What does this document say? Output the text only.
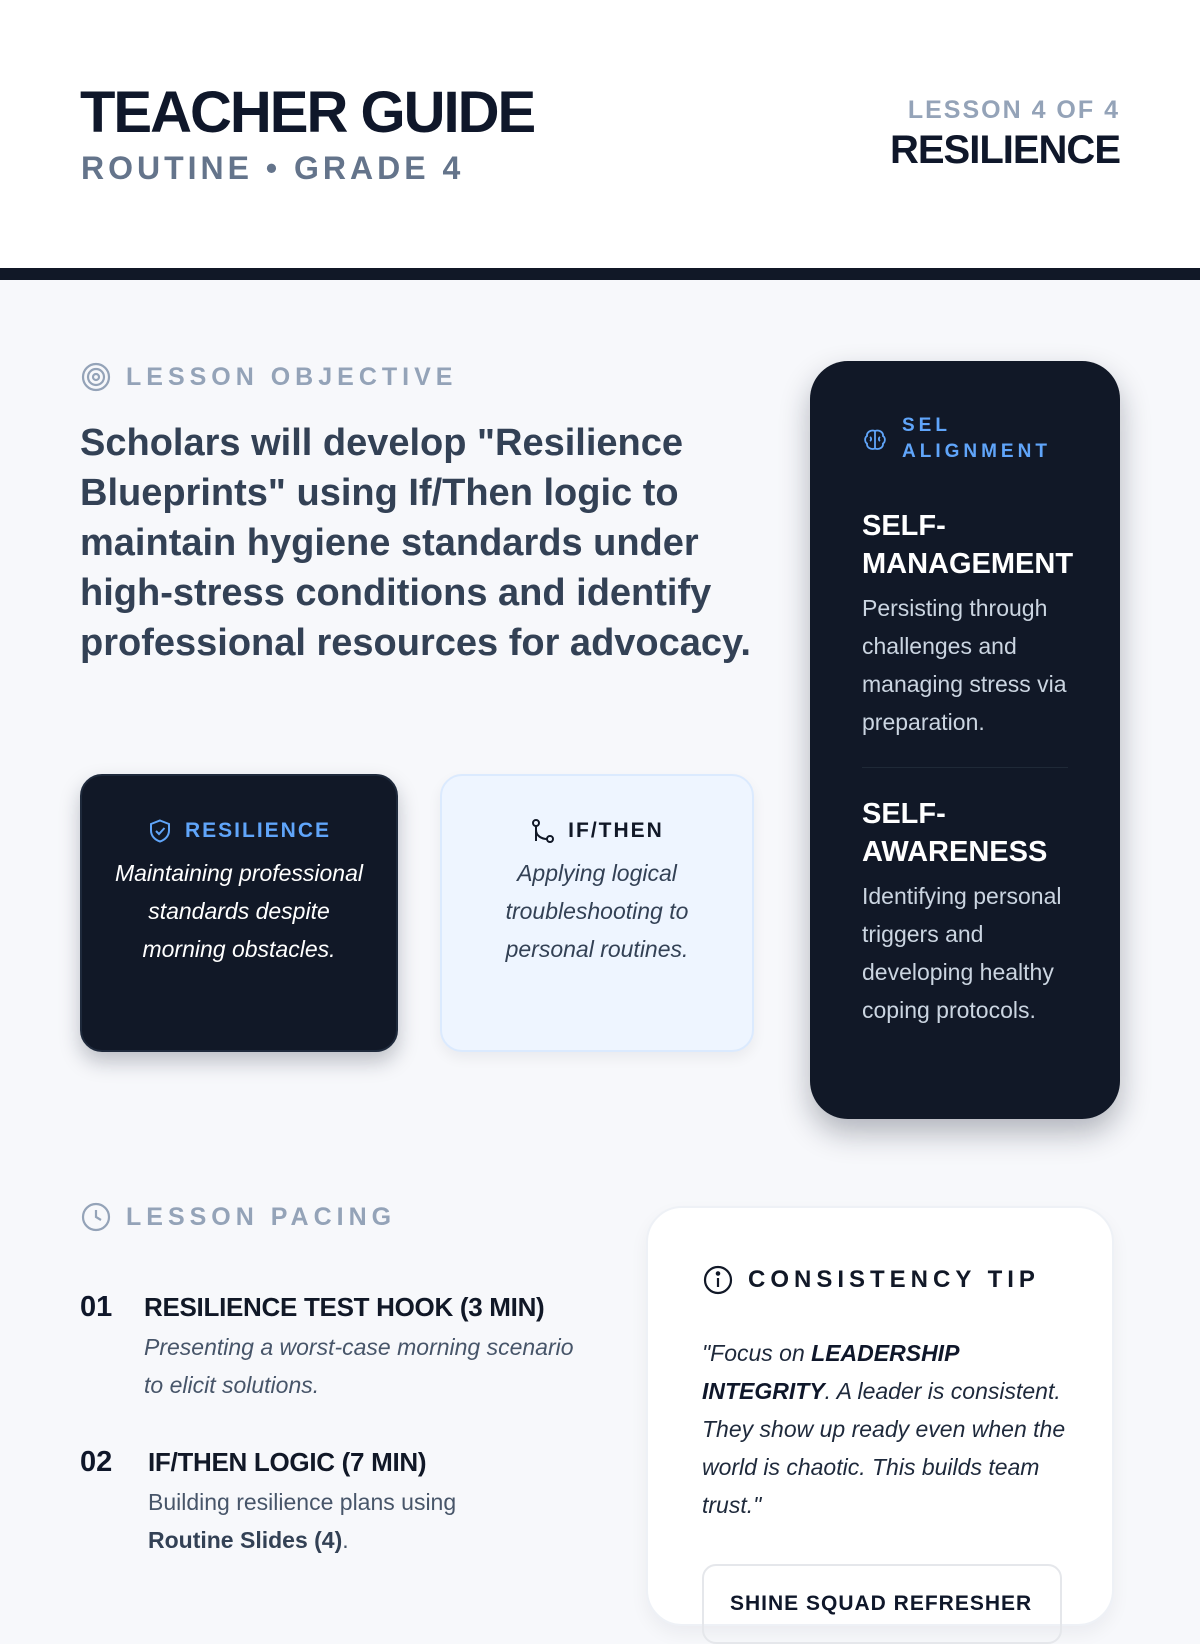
TEACHER GUIDE
ROUTINE • GRADE 4
LESSON 4 OF 4
RESILIENCE
LESSON OBJECTIVE
Scholars will develop "Resilience Blueprints" using If/Then logic to maintain hygiene standards under high-stress conditions and identify professional resources for advocacy.
RESILIENCE
Maintaining professional standards despite morning obstacles.
IF/THEN
Applying logical troubleshooting to personal routines.
SEL ALIGNMENT
SELF-MANAGEMENT

Persisting through challenges and managing stress via preparation.

SELF-AWARENESS

Identifying personal triggers and developing healthy coping protocols.

LESSON PACING
01 RESILIENCE TEST HOOK (3 MIN)
Presenting a worst-case morning scenario to elicit solutions.
02 IF/THEN LOGIC (7 MIN)
Building resilience plans using Routine Slides (4).
CONSISTENCY TIP
"Focus on LEADERSHIP INTEGRITY. A leader is consistent. They show up ready even when the world is chaotic. This builds team trust."
SHINE SQUAD REFRESHER
